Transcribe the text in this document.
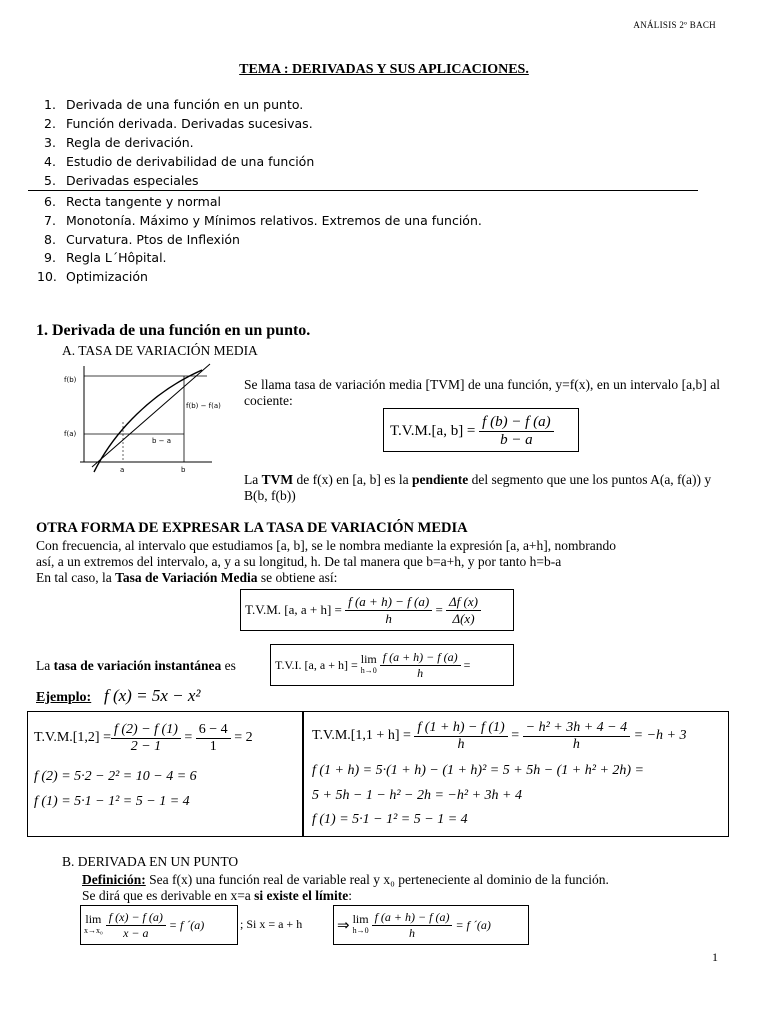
ANÁLISIS 2º BACH
TEMA : DERIVADAS Y SUS APLICACIONES.
1. Derivada de una función en un punto.
2. Función derivada. Derivadas sucesivas.
3. Regla de derivación.
4. Estudio de derivabilidad de una función
5. Derivadas especiales
6. Recta tangente y normal
7. Monotonía. Máximo y Mínimos relativos. Extremos de una función.
8. Curvatura. Ptos de Inflexión
9. Regla L´Hôpital.
10. Optimización
1. Derivada de una función en un punto.
A. TASA DE VARIACIÓN MEDIA
f(b)
f(a)
f(b) − f(a)
b − a
a	b
Se llama tasa de variación media [TVM] de una función, y=f(x), en un intervalo [a,b] al cociente:
T.V.M.[a, b] =
$\frac{f (b) - f (a)}{b - a}$
La TVM de f(x) en [a, b] es la pendiente del segmento que une los puntos A(a, f(a)) y B(b, f(b))
OTRA FORMA DE EXPRESAR LA TASA DE VARIACIÓN MEDIA
Con frecuencia, al intervalo que estudiamos [a, b], se le nombra mediante la expresión [a, a+h], nombrando
así, a un extremos del intervalo, a, y a su longitud, h. De tal manera que b=a+h, y por tanto h=b-a
En tal caso, la Tasa de Variación Media se obtiene así:
T.V.M. [a, a + h] =
$\frac{f (a + h) - f (a)}{h}$
=
$\frac{\Delta f (x)}{\Delta(x)}$
La tasa de variación instantánea es	T.V.I. [a, a + h] =
lim
h→0
$\frac{f (a + h) - f (a)}{h}$
=
Ejemplo: f (x) = 5x − x²
$T.V.M.[1,2] = \frac{f (2) - f (1)}{2 - 1}$
=
$\frac{6 - 4}{1}$
= 2
f (2) = 5·2 − 2² = 10 − 4 = 6
f (1) = 5·1 − 1² = 5 − 1 = 4
T.V.M.[1,1 + h] =
$\frac{f (1 + h) - f (1)}{h}$
=
$\frac{\text{− h² + 3h + 4 − 4}}{h}$
= −h + 3
f (1 + h) = 5·(1 + h) − (1 + h)² = 5 + 5h − (1 + h² + 2h) =
5 + 5h − 1 − h² − 2h = −h² + 3h + 4
f (1) = 5·1 − 1² = 5 − 1 = 4
B. DERIVADA EN UN PUNTO
Definición: Sea f(x) una función real de variable real y x₀ perteneciente al dominio de la función.
Se dirá que es derivable en x=a si existe el límite:
lim
x→x₀
$\frac{f (x) - f (a)}{x - a}$
= f ´(a)	; Si x = a + h ⇒
lim
h→0
$\frac{f (a + h) - f (a)}{h}$
= f ´(a)
1
